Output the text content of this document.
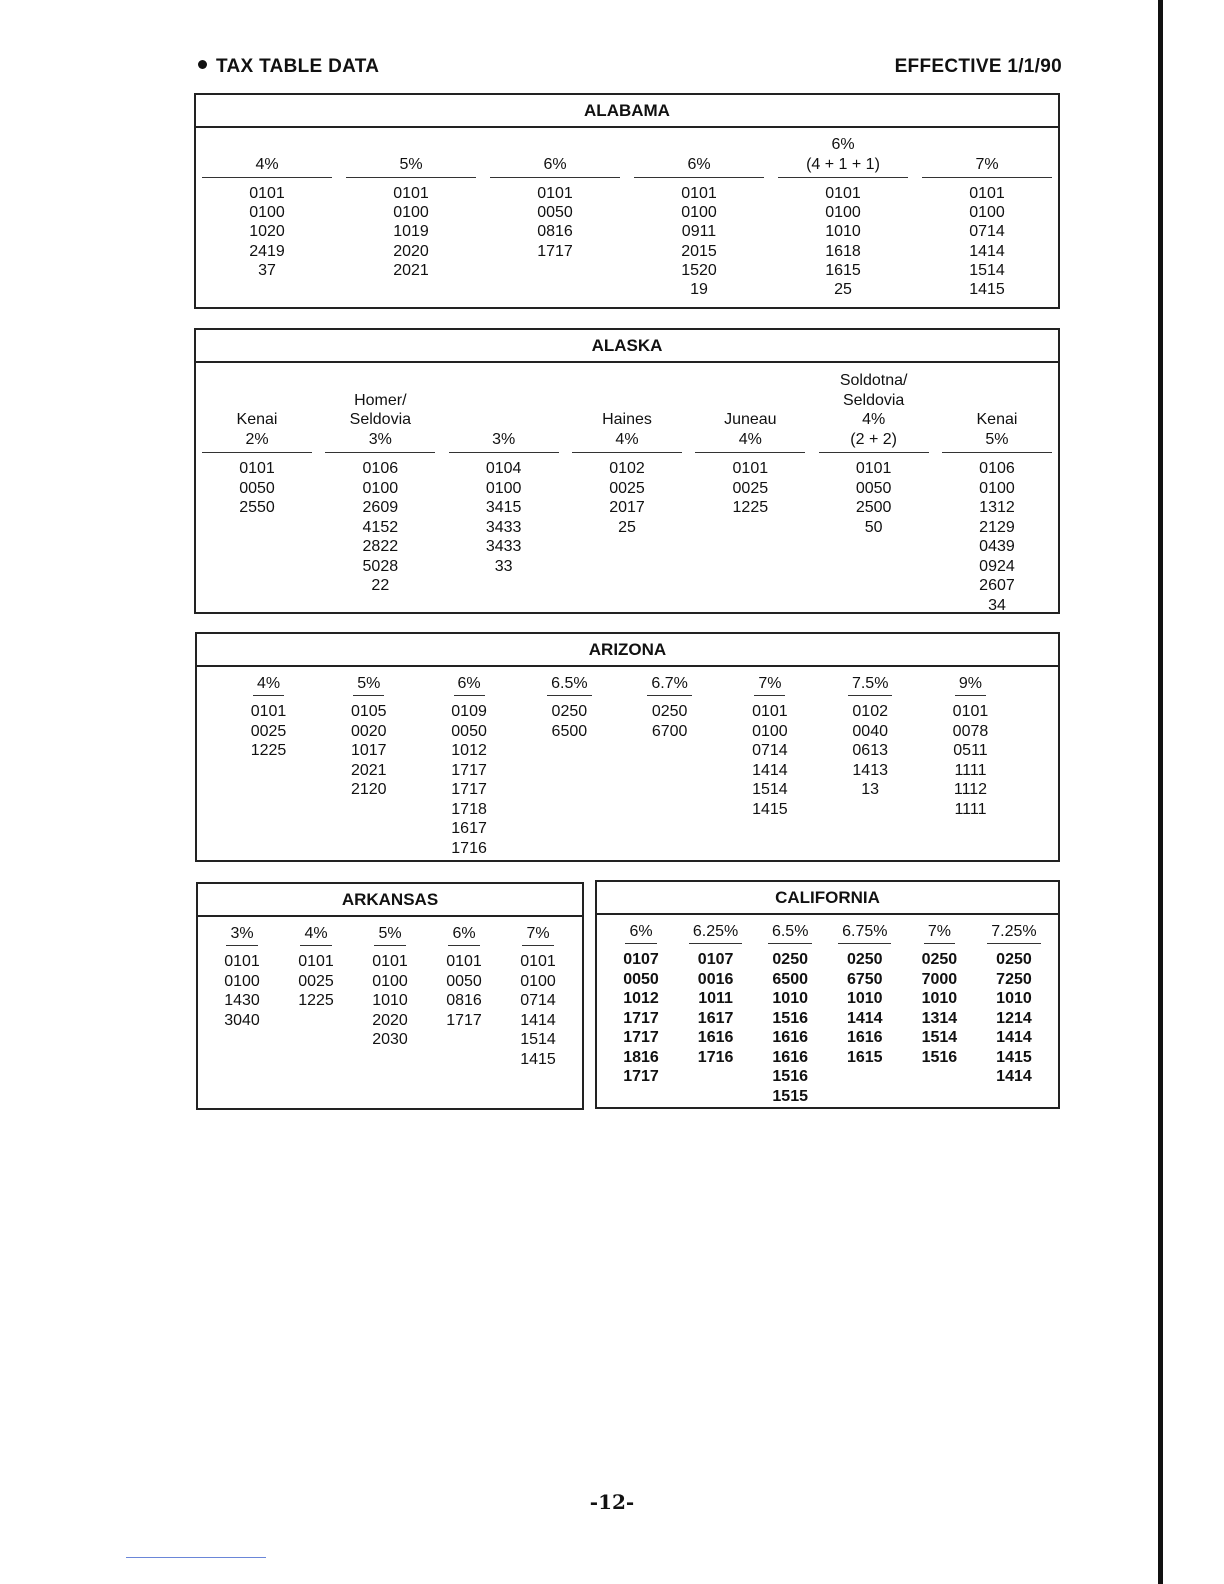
TAX TABLE DATA	EFFECTIVE 1/1/90
ALABAMA
4%
0101
0100
1020
2419
37
5%
0101
0100
1019
2020
2021
6%
0101
0050
0816
1717
6%
0101
0100
0911
2015
1520
19
6%
(4 + 1 + 1)
0101
0100
1010
1618
1615
25
7%
0101
0100
0714
1414
1514
1415
ALASKA
Kenai
2%
0101
0050
2550
Homer/
Seldovia
3%
0106
0100
2609
4152
2822
5028
22
3%
0104
0100
3415
3433
3433
33
Haines
4%
0102
0025
2017
25
Juneau
4%
0101
0025
1225
Soldotna/
Seldovia
4%
(2 + 2)
0101
0050
2500
50
Kenai
5%
0106
0100
1312
2129
0439
0924
2607
34
ARIZONA
4%
0101
0025
1225
5%
0105
0020
1017
2021
2120
6%
0109
0050
1012
1717
1717
1718
1617
1716
6.5%
0250
6500
6.7%
0250
6700
7%
0101
0100
0714
1414
1514
1415
7.5%
0102
0040
0613
1413
13
9%
0101
0078
0511
1111
1112
1111
ARKANSAS
3%
0101
0100
1430
3040
4%
0101
0025
1225
5%
0101
0100
1010
2020
2030
6%
0101
0050
0816
1717
7%
0101
0100
0714
1414
1514
1415
CALIFORNIA
6%
0107
0050
1012
1717
1717
1816
1717
6.25%
0107
0016
1011
1617
1616
1716
6.5%
0250
6500
1010
1516
1616
1616
1516
1515
6.75%
0250
6750
1010
1414
1616
1615
7%
0250
7000
1010
1314
1514
1516
7.25%
0250
7250
1010
1214
1414
1415
1414
-12-
